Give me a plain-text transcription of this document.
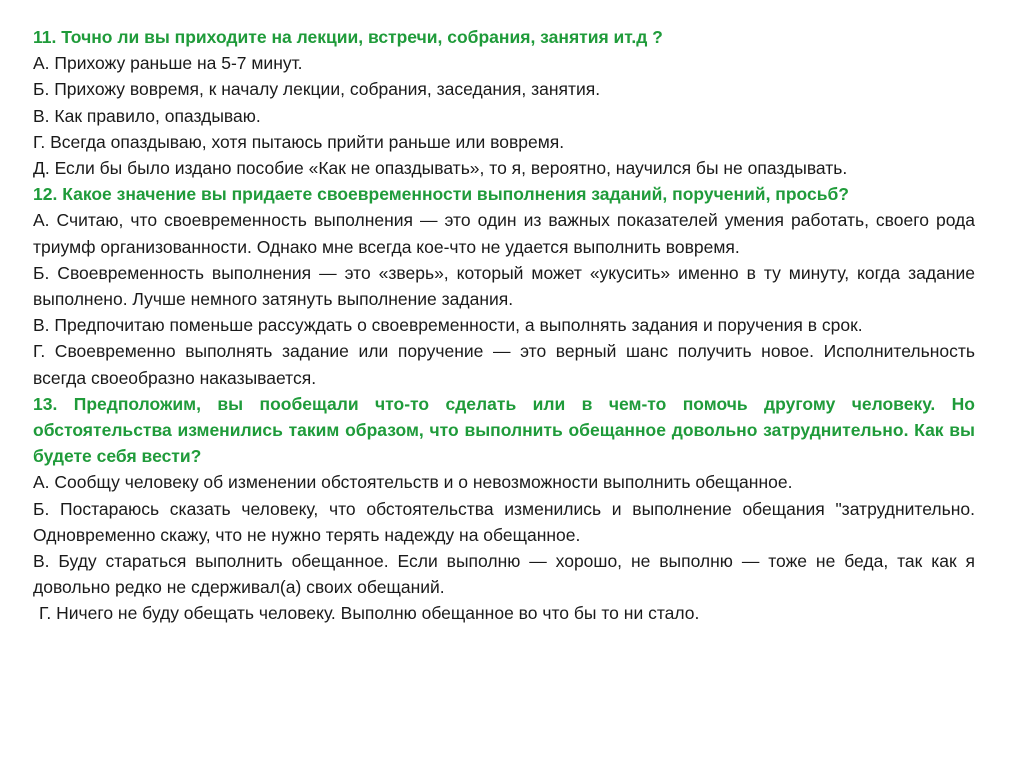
11. Точно ли вы приходите на лекции, встречи, собрания, занятия ит.д ?

А. Прихожу раньше на 5-7 минут.

Б. Прихожу вовремя, к началу лекции, собрания, заседания, занятия.

В. Как правило, опаздываю.

Г. Всегда опаздываю, хотя пытаюсь прийти раньше или вовремя.

Д. Если бы было издано пособие «Как не опаздывать», то я, вероятно, научился бы не опаздывать.

12. Какое значение вы придаете своевременности выполнения заданий, поручений, просьб?

А. Считаю, что своевременность выполнения — это один из важных показателей умения работать, своего рода триумф организованности. Однако мне всегда кое-что не удается выполнить вовремя.

Б. Своевременность выполнения — это «зверь», который может «укусить» именно в ту минуту, когда задание выполнено. Лучше немного затянуть выполнение задания.

В. Предпочитаю поменьше рассуждать о своевременности, а выполнять задания и поручения в срок.

Г. Своевременно выполнять задание или поручение — это верный шанс получить новое. Исполнительность всегда своеобразно наказывается.

13. Предположим, вы пообещали что-то сделать или в чем-то помочь другому человеку. Но обстоятельства изменились таким образом, что выполнить обещанное довольно затруднительно. Как вы будете себя вести?

А. Сообщу человеку об изменении обстоятельств и о невозможности выполнить обещанное.

Б. Постараюсь сказать человеку, что обстоятельства изменились и выполнение обещания "затруднительно. Одновременно скажу, что не нужно терять надежду на обещанное.

В. Буду стараться выполнить обещанное. Если выполню — хорошо, не выполню — тоже не беда, так как я довольно редко не сдерживал(а) своих обещаний.

Г. Ничего не буду обещать человеку. Выполню обещанное во что бы то ни стало.
